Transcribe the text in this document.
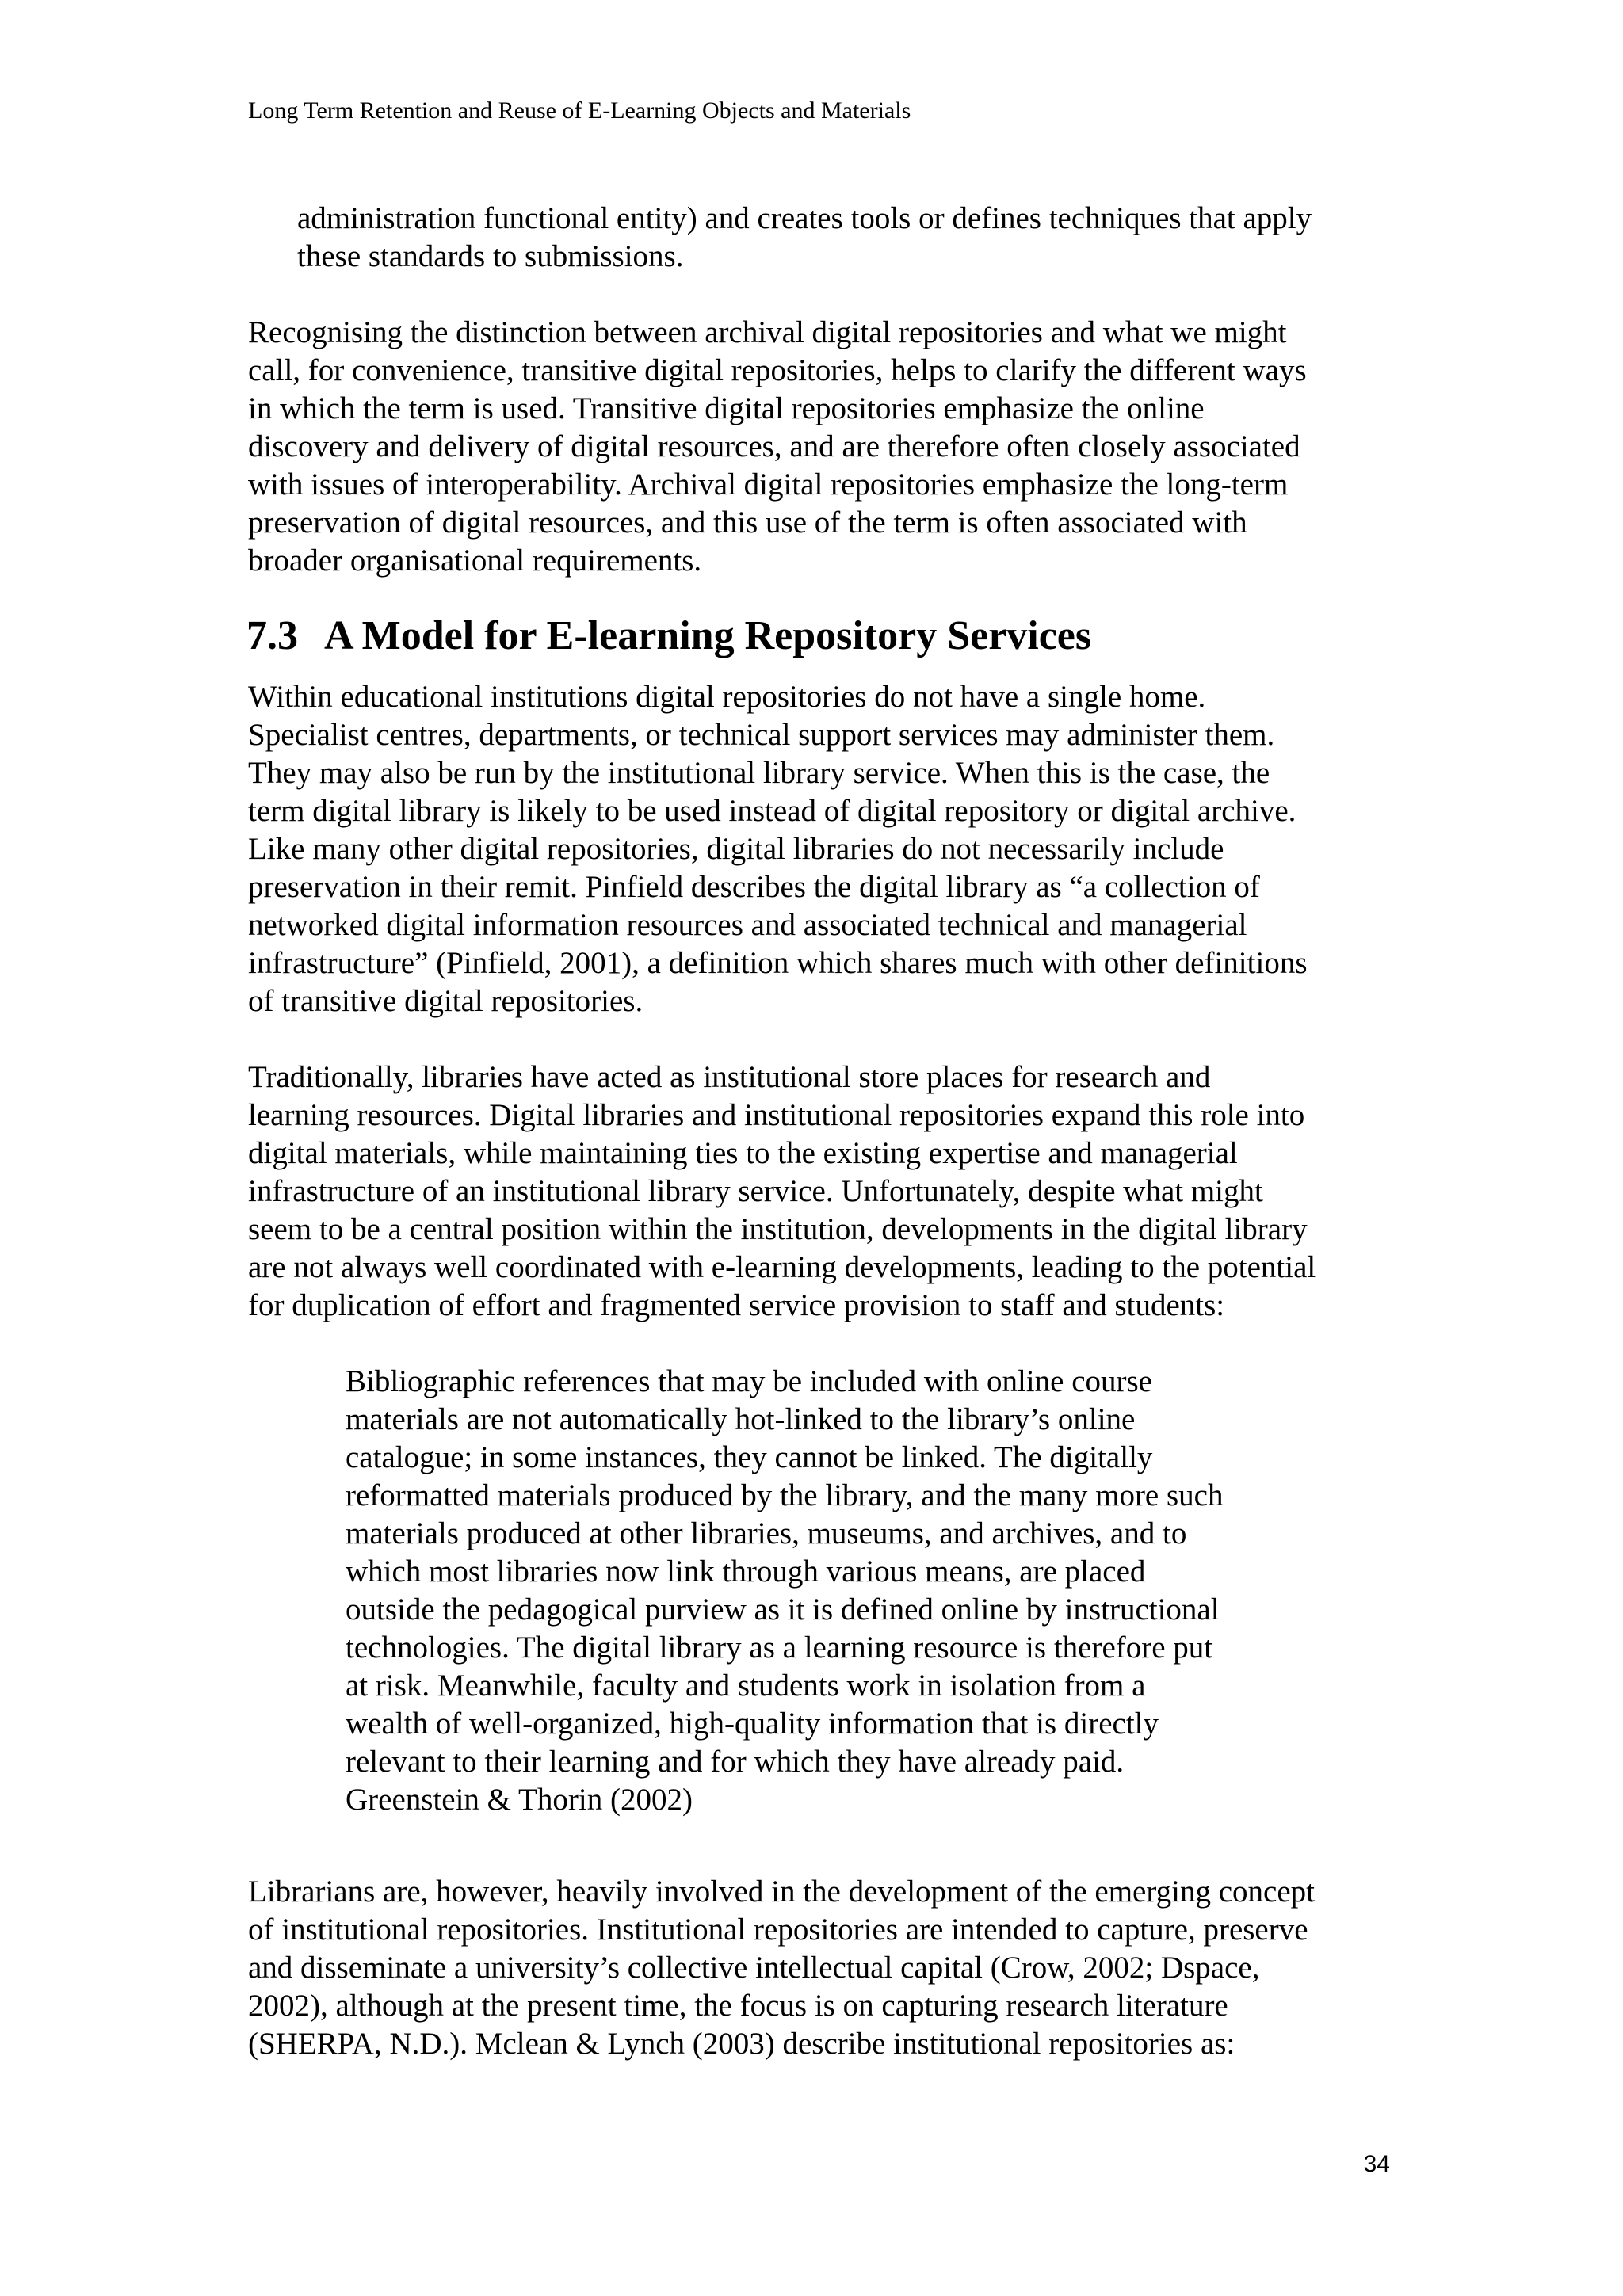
Long Term Retention and Reuse of E-Learning Objects and Materials

administration functional entity) and creates tools or defines techniques that apply
these standards to submissions.

Recognising the distinction between archival digital repositories and what we might
call, for convenience, transitive digital repositories, helps to clarify the different ways
in which the term is used. Transitive digital repositories emphasize the online
discovery and delivery of digital resources, and are therefore often closely associated
with issues of interoperability. Archival digital repositories emphasize the long-term
preservation of digital resources, and this use of the term is often associated with
broader organisational requirements.

7.3 A Model for E-learning Repository Services

Within educational institutions digital repositories do not have a single home.
Specialist centres, departments, or technical support services may administer them.
They may also be run by the institutional library service. When this is the case, the
term digital library is likely to be used instead of digital repository or digital archive.
Like many other digital repositories, digital libraries do not necessarily include
preservation in their remit. Pinfield describes the digital library as “a collection of
networked digital information resources and associated technical and managerial
infrastructure” (Pinfield, 2001), a definition which shares much with other definitions
of transitive digital repositories.

Traditionally, libraries have acted as institutional store places for research and
learning resources. Digital libraries and institutional repositories expand this role into
digital materials, while maintaining ties to the existing expertise and managerial
infrastructure of an institutional library service. Unfortunately, despite what might
seem to be a central position within the institution, developments in the digital library
are not always well coordinated with e-learning developments, leading to the potential
for duplication of effort and fragmented service provision to staff and students:

Bibliographic references that may be included with online course
materials are not automatically hot-linked to the library’s online
catalogue; in some instances, they cannot be linked. The digitally
reformatted materials produced by the library, and the many more such
materials produced at other libraries, museums, and archives, and to
which most libraries now link through various means, are placed
outside the pedagogical purview as it is defined online by instructional
technologies. The digital library as a learning resource is therefore put
at risk. Meanwhile, faculty and students work in isolation from a
wealth of well-organized, high-quality information that is directly
relevant to their learning and for which they have already paid.
Greenstein & Thorin (2002)

Librarians are, however, heavily involved in the development of the emerging concept
of institutional repositories. Institutional repositories are intended to capture, preserve
and disseminate a university’s collective intellectual capital (Crow, 2002; Dspace,
2002), although at the present time, the focus is on capturing research literature
(SHERPA, N.D.). Mclean & Lynch (2003) describe institutional repositories as:

34
